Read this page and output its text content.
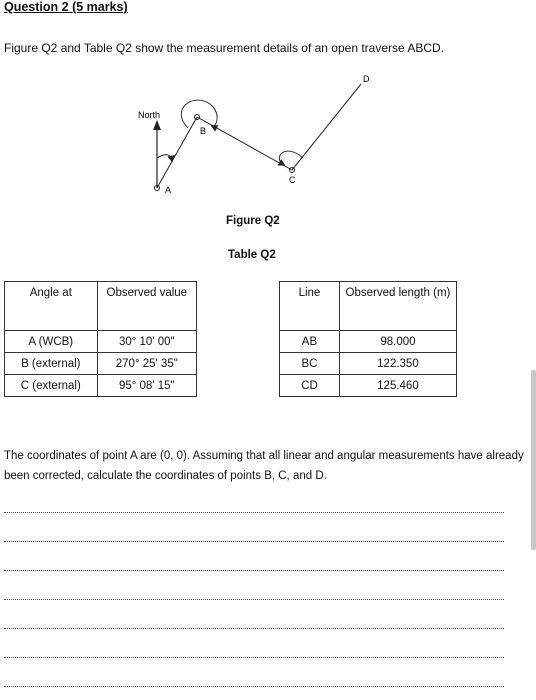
Question 2 (5 marks)
Figure Q2 and Table Q2 show the measurement details of an open traverse ABCD.
North
A
B
C
D
Figure Q2
Table Q2
Angle at	Observed value
A (WCB)	30° 10' 00"
B (external)	270° 25' 35"
C (external)	95° 08' 15"
Line	Observed length (m)
AB	98.000
BC	122.350
CD	125.460
The coordinates of point A are (0, 0). Assuming that all linear and angular measurements have already been corrected, calculate the coordinates of points B, C, and D.
